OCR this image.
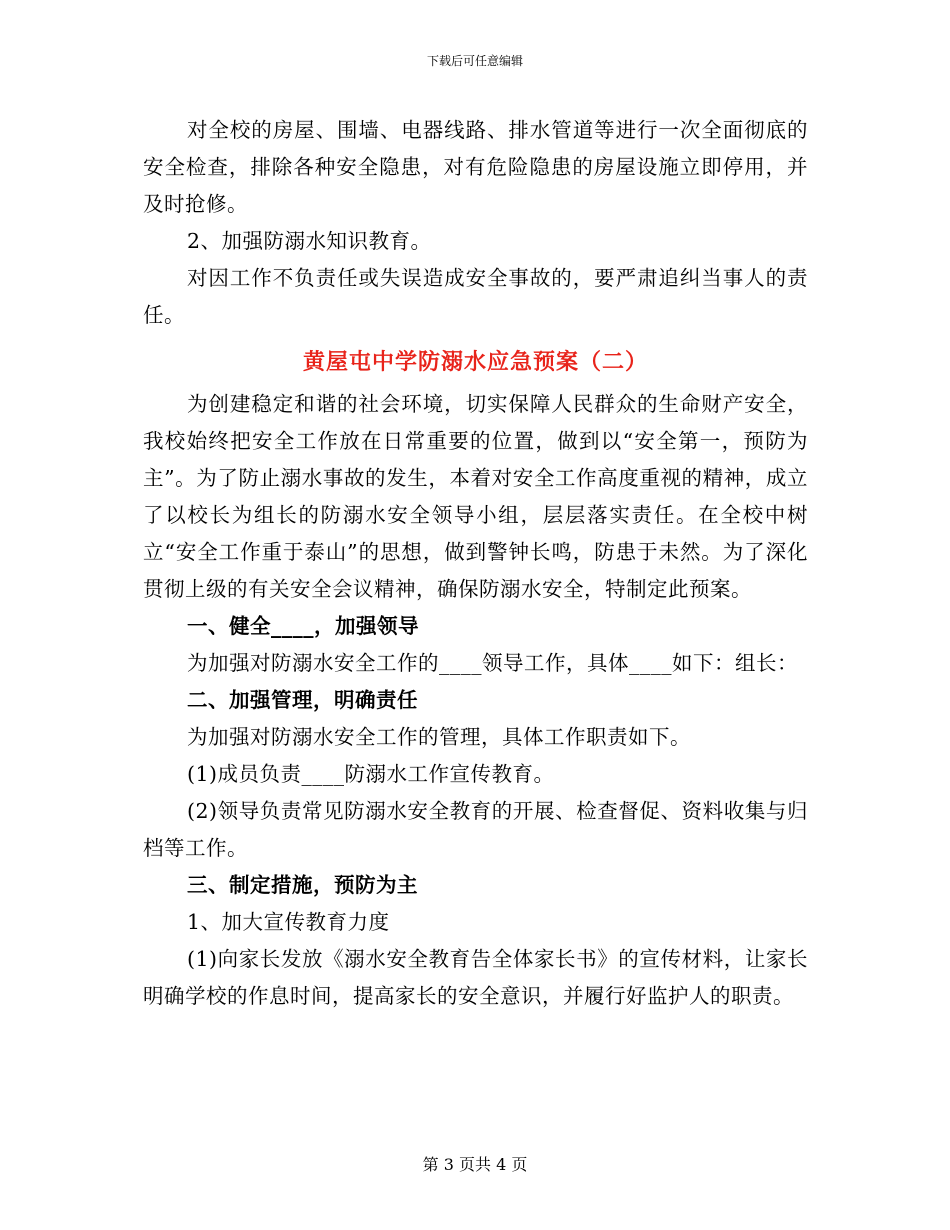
下载后可任意编辑

对全校的房屋、围墙、电器线路、排水管道等进行一次全面彻底的安全检查，排除各种安全隐患，对有危险隐患的房屋设施立即停用，并及时抢修。

2、加强防溺水知识教育。

对因工作不负责任或失误造成安全事故的，要严肃追纠当事人的责任。

黄屋屯中学防溺水应急预案（二）

为创建稳定和谐的社会环境，切实保障人民群众的生命财产安全，我校始终把安全工作放在日常重要的位置，做到以“安全第一，预防为主”。为了防止溺水事故的发生，本着对安全工作高度重视的精神，成立了以校长为组长的防溺水安全领导小组，层层落实责任。在全校中树立“安全工作重于泰山”的思想，做到警钟长鸣，防患于未然。为了深化贯彻上级的有关安全会议精神，确保防溺水安全，特制定此预案。

一、健全____，加强领导

为加强对防溺水安全工作的____领导工作，具体____如下：组长：

二、加强管理，明确责任

为加强对防溺水安全工作的管理，具体工作职责如下。

(1)成员负责____防溺水工作宣传教育。

(2)领导负责常见防溺水安全教育的开展、检查督促、资料收集与归档等工作。

三、制定措施，预防为主

1、加大宣传教育力度

(1)向家长发放《溺水安全教育告全体家长书》的宣传材料，让家长明确学校的作息时间，提高家长的安全意识，并履行好监护人的职责。

第 3 页共 4 页
